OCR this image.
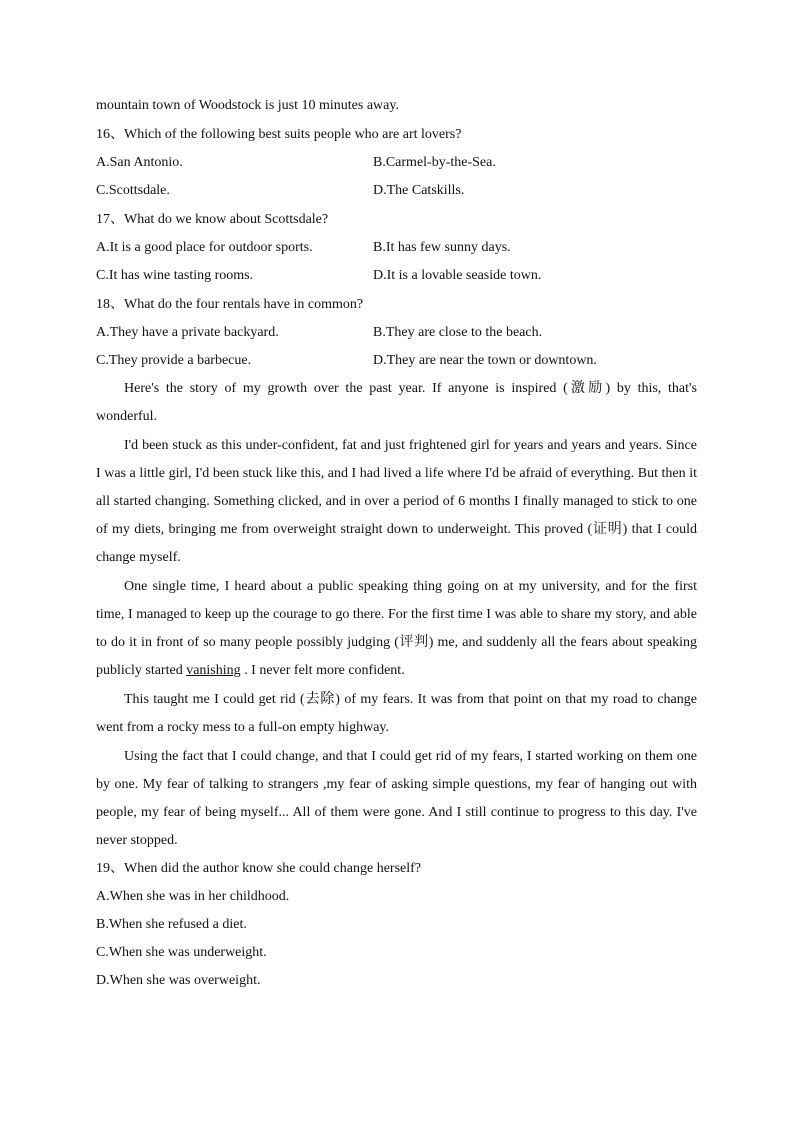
mountain town of Woodstock is just 10 minutes away.
16、Which of the following best suits people who are art lovers?
A.San Antonio.	B.Carmel-by-the-Sea.
C.Scottsdale.	D.The Catskills.
17、What do we know about Scottsdale?
A.It is a good place for outdoor sports.	B.It has few sunny days.
C.It has wine tasting rooms.	D.It is a lovable seaside town.
18、What do the four rentals have in common?
A.They have a private backyard.	B.They are close to the beach.
C.They provide a barbecue.	D.They are near the town or downtown.

Here's the story of my growth over the past year. If anyone is inspired (激励) by this, that's wonderful.

I'd been stuck as this under-confident, fat and just frightened girl for years and years and years. Since I was a little girl, I'd been stuck like this, and I had lived a life where I'd be afraid of everything. But then it all started changing. Something clicked, and in over a period of 6 months I finally managed to stick to one of my diets, bringing me from overweight straight down to underweight. This proved (证明) that I could change myself.

One single time, I heard about a public speaking thing going on at my university, and for the first time, I managed to keep up the courage to go there. For the first time I was able to share my story, and able to do it in front of so many people possibly judging (评判) me, and suddenly all the fears about speaking publicly started vanishing . I never felt more confident.

This taught me I could get rid (去除) of my fears. It was from that point on that my road to change went from a rocky mess to a full-on empty highway.

Using the fact that I could change, and that I could get rid of my fears, I started working on them one by one. My fear of talking to strangers ,my fear of asking simple questions, my fear of hanging out with people, my fear of being myself... All of them were gone. And I still continue to progress to this day. I've never stopped.

19、When did the author know she could change herself?
A.When she was in her childhood.
B.When she refused a diet.
C.When she was underweight.
D.When she was overweight.
